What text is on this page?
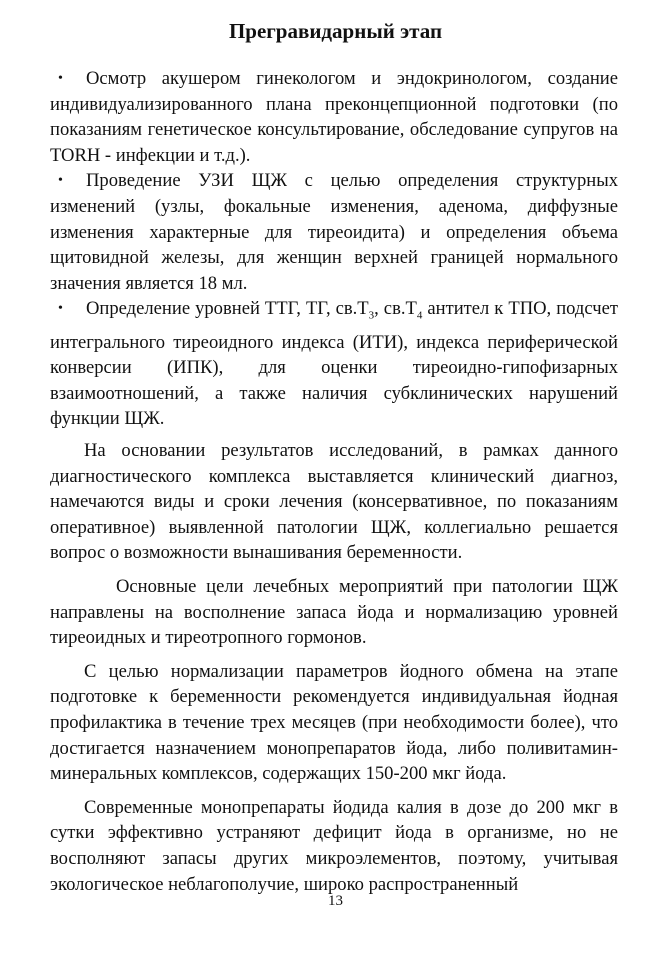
Прегравидарный этап

• Осмотр акушером гинекологом и эндокринологом, создание индивидуализированного плана преконцепционной подготовки (по показаниям генетическое консультирование, обследование супругов на TORH - инфекции и т.д.).

• Проведение УЗИ ЩЖ с целью определения структурных изменений (узлы, фокальные изменения, аденома, диффузные изменения характерные для тиреоидита) и определения объема щитовидной железы, для женщин верхней границей нормального значения является 18 мл.

• Определение уровней ТТГ, ТГ, $св.Т_3$, $св.Т_4$ антител к ТПО, подсчет интегрального тиреоидного индекса (ИТИ), индекса периферической конверсии (ИПК), для оценки тиреоидно-гипофизарных взаимоотношений, а также наличия субклинических нарушений функции ЩЖ.

На основании результатов исследований, в рамках данного диагностического комплекса выставляется клинический диагноз, намечаются виды и сроки лечения (консервативное, по показаниям оперативное) выявленной патологии ЩЖ, коллегиально решается вопрос о возможности вынашивания беременности.

Основные цели лечебных мероприятий при патологии ЩЖ направлены на восполнение запаса йода и нормализацию уровней тиреоидных и тиреотропного гормонов.

С целью нормализации параметров йодного обмена на этапе подготовке к беременности рекомендуется индивидуальная йодная профилактика в течение трех месяцев (при необходимости более), что достигается назначением монопрепаратов йода, либо поливитамин-минеральных комплексов, содержащих 150-200 мкг йода.

Современные монопрепараты йодида калия в дозе до 200 мкг в сутки эффективно устраняют дефицит йода в организме, но не восполняют запасы других микроэлементов, поэтому, учитывая экологическое неблагополучие, широко распространенный

13
